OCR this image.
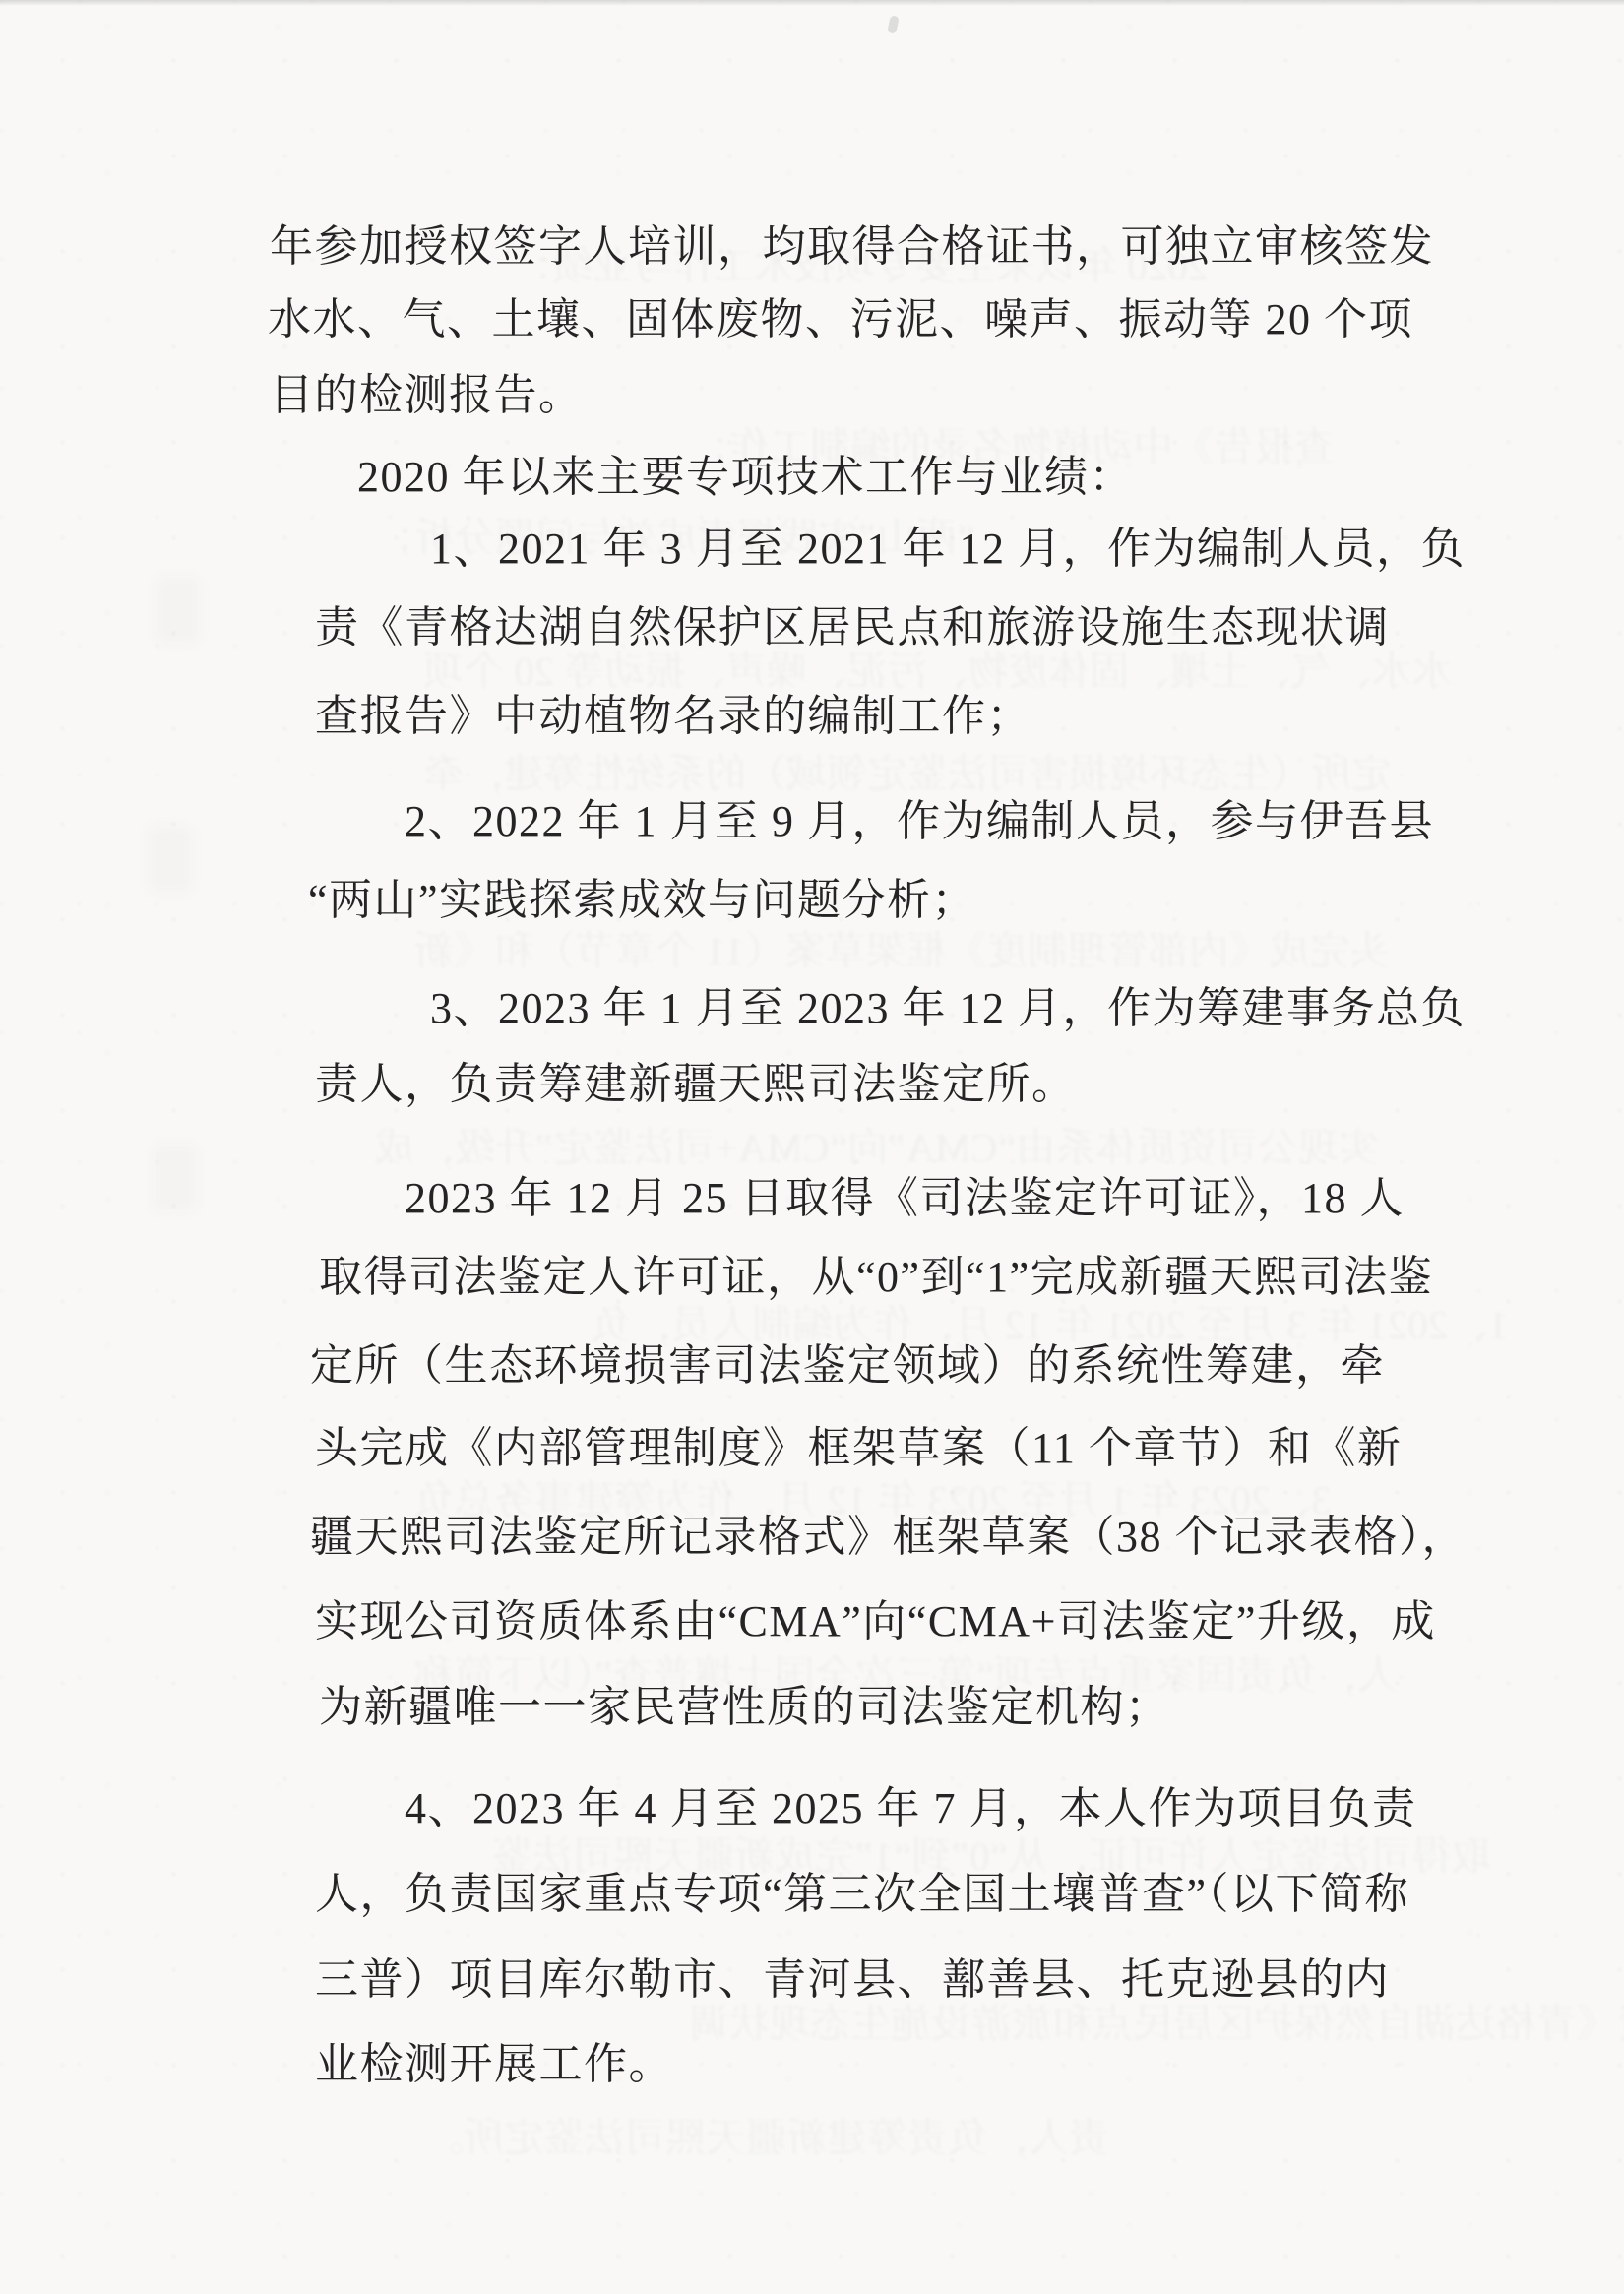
年参加授权签字人培训，均取得合格证书，可独立审核签发
水水、气、土壤、固体废物、污泥、噪声、振动等 20 个项
目的检测报告。
2020 年以来主要专项技术工作与业绩：
1、2021 年 3 月至 2021 年 12 月，作为编制人员，负
责《青格达湖自然保护区居民点和旅游设施生态现状调
查报告》中动植物名录的编制工作；
2、2022 年 1 月至 9 月，作为编制人员，参与伊吾县
“两山”实践探索成效与问题分析；
3、2023 年 1 月至 2023 年 12 月，作为筹建事务总负
责人，负责筹建新疆天熙司法鉴定所。
2023 年 12 月 25 日取得《司法鉴定许可证》，18 人
取得司法鉴定人许可证，从“0”到“1”完成新疆天熙司法鉴
定所（生态环境损害司法鉴定领域）的系统性筹建，牵
头完成《内部管理制度》框架草案（11 个章节）和《新
疆天熙司法鉴定所记录格式》框架草案（38 个记录表格），
实现公司资质体系由“CMA”向“CMA+司法鉴定”升级，成
为新疆唯一一家民营性质的司法鉴定机构；
4、2023 年 4 月至 2025 年 7 月，本人作为项目负责
人，负责国家重点专项“第三次全国土壤普查”（以下简称
三普）项目库尔勒市、青河县、鄯善县、托克逊县的内
业检测开展工作。
